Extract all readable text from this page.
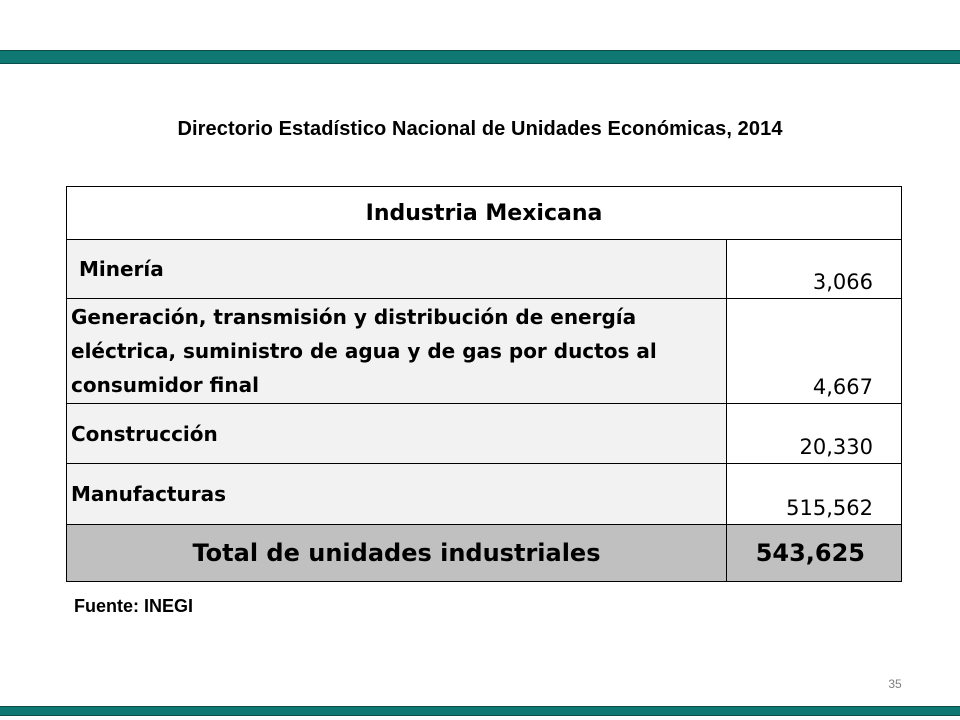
Directorio Estadístico Nacional de Unidades Económicas, 2014
Industria Mexicana	
Minería	3,066
Generación, transmisión y distribución de energía eléctrica, suministro de agua y de gas por ductos al consumidor final	4,667
Construcción	20,330
Manufacturas	515,562
Total de unidades industriales	543,625
Fuente: INEGI
35
